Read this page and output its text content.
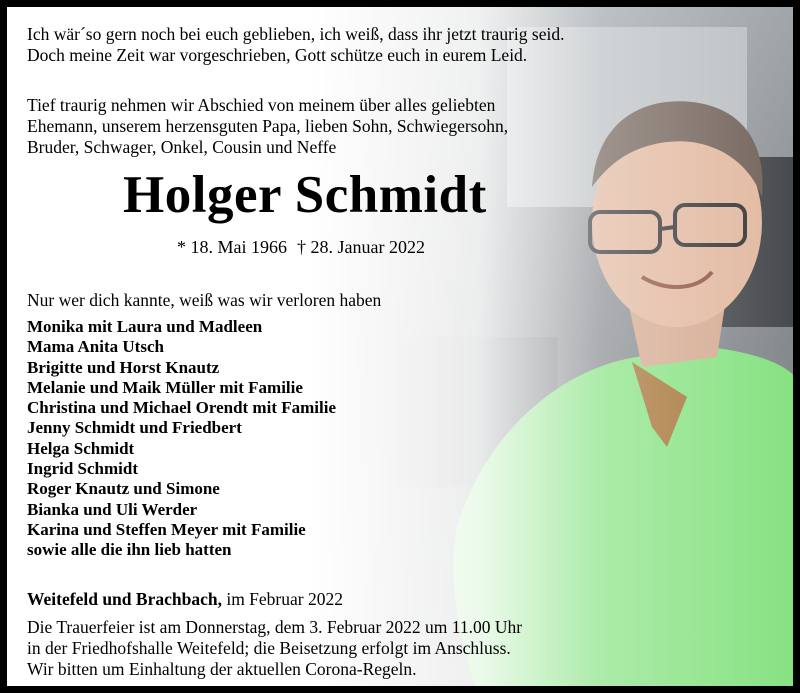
Ich wär´so gern noch bei euch geblieben, ich weiß, dass ihr jetzt traurig seid.
Doch meine Zeit war vorgeschrieben, Gott schütze euch in eurem Leid.
Tief traurig nehmen wir Abschied von meinem über alles geliebten
Ehemann, unserem herzensguten Papa, lieben Sohn, Schwiegersohn,
Bruder, Schwager, Onkel, Cousin und Neffe
Holger Schmidt
* 18. Mai 1966 † 28. Januar 2022
Nur wer dich kannte, weiß was wir verloren haben
Monika mit Laura und Madleen
Mama Anita Utsch
Brigitte und Horst Knautz
Melanie und Maik Müller mit Familie
Christina und Michael Orendt mit Familie
Jenny Schmidt und Friedbert
Helga Schmidt
Ingrid Schmidt
Roger Knautz und Simone
Bianka und Uli Werder
Karina und Steffen Meyer mit Familie
sowie alle die ihn lieb hatten
Weitefeld und Brachbach, im Februar 2022
Die Trauerfeier ist am Donnerstag, dem 3. Februar 2022 um 11.00 Uhr
in der Friedhofshalle Weitefeld; die Beisetzung erfolgt im Anschluss.
Wir bitten um Einhaltung der aktuellen Corona-Regeln.
